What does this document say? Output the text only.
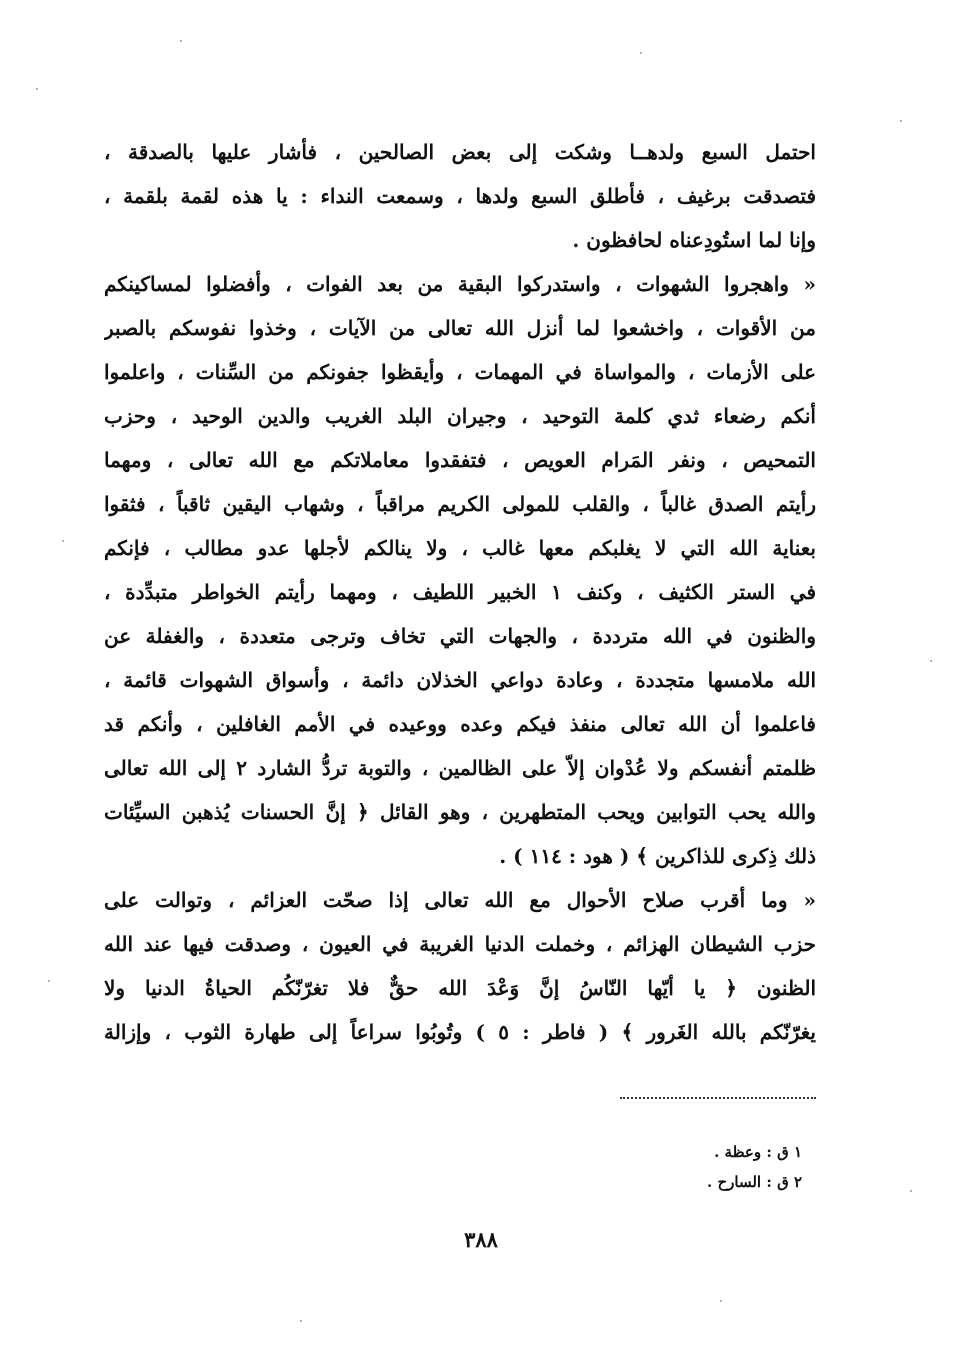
احتمل السبع ولدهــا وشكت إلى بعض الصالحين ، فأشار عليها بالصدقة ،
فتصدقت برغيف ، فأطلق السبع ولدها ، وسمعت النداء : يا هذه لقمة بلقمة ،
وإنا لما استُودِعناه لحافظون .
« واهجروا الشهوات ، واستدركوا البقية من بعد الفوات ، وأفضلوا لمساكينكم
من الأقوات ، واخشعوا لما أنزل الله تعالى من الآيات ، وخذوا نفوسكم بالصبر
على الأزمات ، والمواساة في المهمات ، وأيقظوا جفونكم من السِّنات ، واعلموا
أنكم رضعاء ثدي كلمة التوحيد ، وجيران البلد الغريب والدين الوحيد ، وحزب
التمحيص ، ونفر المَرام العويص ، فتفقدوا معاملاتكم مع الله تعالى ، ومهما
رأيتم الصدق غالباً ، والقلب للمولى الكريم مراقباً ، وشهاب اليقين ثاقباً ، فثقوا
بعناية الله التي لا يغلبكم معها غالب ، ولا ينالكم لأجلها عدو مطالب ، فإنكم
في الستر الكثيف ، وكنف ١ الخبير اللطيف ، ومهما رأيتم الخواطر متبدِّدة ،
والظنون في الله مترددة ، والجهات التي تخاف وترجى متعددة ، والغفلة عن
الله ملامسها متجددة ، وعادة دواعي الخذلان دائمة ، وأسواق الشهوات قائمة ،
فاعلموا أن الله تعالى منفذ فيكم وعده ووعيده في الأمم الغافلين ، وأنكم قد
ظلمتم أنفسكم ولا عُدْوان إلاّ على الظالمين ، والتوبة تردُّ الشارد ٢ إلى الله تعالى
والله يحب التوابين ويحب المتطهرين ، وهو القائل ﴿ إنَّ الحسنات يُذهبن السيِّئات
ذلك ذِكرى للذاكرين ﴾ ( هود : ١١٤ ) .
« وما أقرب صلاح الأحوال مع الله تعالى إذا صحّت العزائم ، وتوالت على
حزب الشيطان الهزائم ، وخملت الدنيا الغريبة في العيون ، وصدقت فيها عند الله
الظنون ﴿ يا أيّها النّاسُ إنَّ وَعْدَ الله حقٌّ فلا تغرّنّكُم الحياةُ الدنيا ولا
يغرّنّكم بالله الغَرور ﴾ ( فاطر : ٥ ) وتُوبُوا سراعاً إلى طهارة الثوب ، وإزالة
١ ق : وعظة .
٢ ق : السارح .
٣٨٨
